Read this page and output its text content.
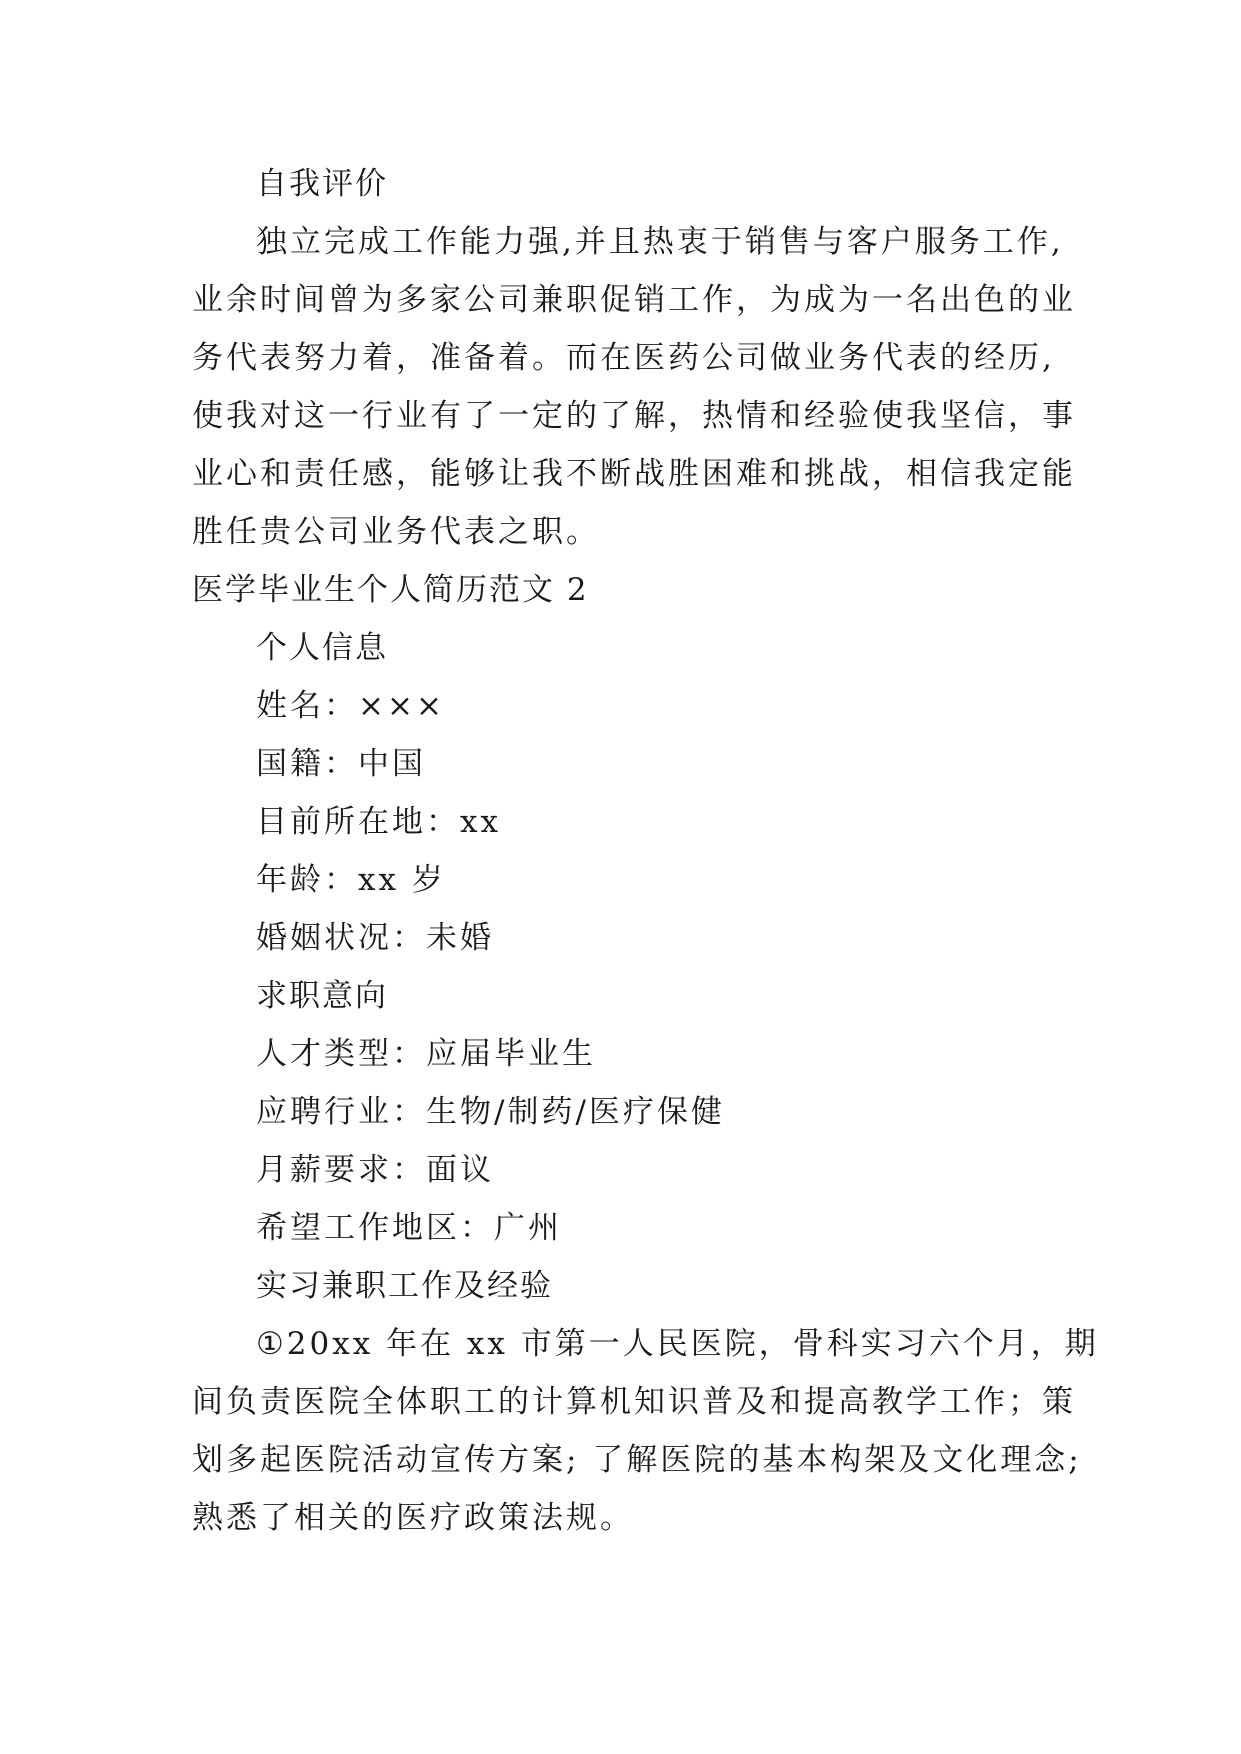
自我评价
独立完成工作能力强,并且热衷于销售与客户服务工作,
业余时间曾为多家公司兼职促销工作，为成为一名出色的业
务代表努力着，准备着。而在医药公司做业务代表的经历,
使我对这一行业有了一定的了解，热情和经验使我坚信，事
业心和责任感，能够让我不断战胜困难和挑战，相信我定能
胜任贵公司业务代表之职。
医学毕业生个人简历范文 2
个人信息
姓名：×××
国籍：中国
目前所在地：xx
年龄：xx 岁
婚姻状况：未婚
求职意向
人才类型：应届毕业生
应聘行业：生物/制药/医疗保健
月薪要求：面议
希望工作地区：广州
实习兼职工作及经验
①20xx 年在 xx 市第一人民医院，骨科实习六个月，期
间负责医院全体职工的计算机知识普及和提高教学工作；策
划多起医院活动宣传方案; 了解医院的基本构架及文化理念;
熟悉了相关的医疗政策法规。
